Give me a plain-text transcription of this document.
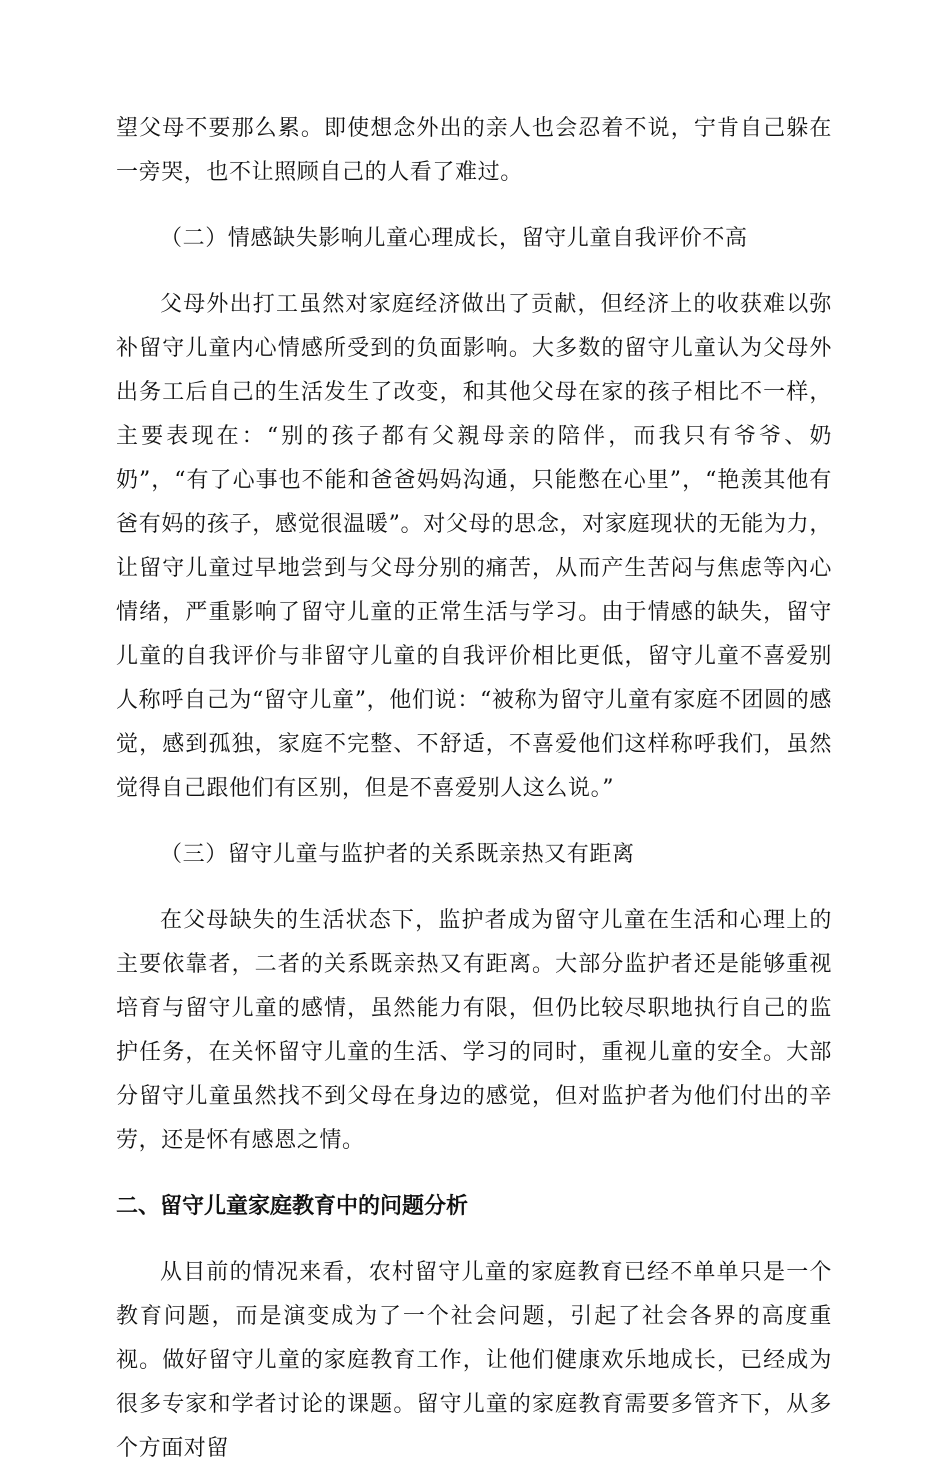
望父母不要那么累。即使想念外出的亲人也会忍着不说，宁肯自己躲在一旁哭，也不让照顾自己的人看了难过。

（二）情感缺失影响儿童心理成长，留守儿童自我评价不高

父母外出打工虽然对家庭经济做出了贡献，但经济上的收获难以弥补留守儿童内心情感所受到的负面影响。大多数的留守儿童认为父母外出务工后自己的生活发生了改变，和其他父母在家的孩子相比不一样，主要表现在：“别的孩子都有父親母亲的陪伴，而我只有爷爷、奶奶”，“有了心事也不能和爸爸妈妈沟通，只能憋在心里”，“艳羡其他有爸有妈的孩子，感觉很温暖”。对父母的思念，对家庭现状的无能为力，让留守儿童过早地尝到与父母分别的痛苦，从而产生苦闷与焦虑等內心情绪，严重影响了留守儿童的正常生活与学习。由于情感的缺失，留守儿童的自我评价与非留守儿童的自我评价相比更低，留守儿童不喜爱别人称呼自己为“留守儿童”，他们说：“被称为留守儿童有家庭不团圆的感觉，感到孤独，家庭不完整、不舒适，不喜爱他们这样称呼我们，虽然觉得自己跟他们有区别，但是不喜爱别人这么说。”

（三）留守儿童与监护者的关系既亲热又有距离

在父母缺失的生活状态下，监护者成为留守儿童在生活和心理上的主要依靠者，二者的关系既亲热又有距离。大部分监护者还是能够重视培育与留守儿童的感情，虽然能力有限，但仍比较尽职地执行自己的监护任务，在关怀留守儿童的生活、学习的同时，重视儿童的安全。大部分留守儿童虽然找不到父母在身边的感觉，但对监护者为他们付出的辛劳，还是怀有感恩之情。

二、留守儿童家庭教育中的问题分析

从目前的情况来看，农村留守儿童的家庭教育已经不单单只是一个教育问题，而是演变成为了一个社会问题，引起了社会各界的高度重视。做好留守儿童的家庭教育工作，让他们健康欢乐地成长，已经成为很多专家和学者讨论的课题。留守儿童的家庭教育需要多管齐下，从多个方面对留
